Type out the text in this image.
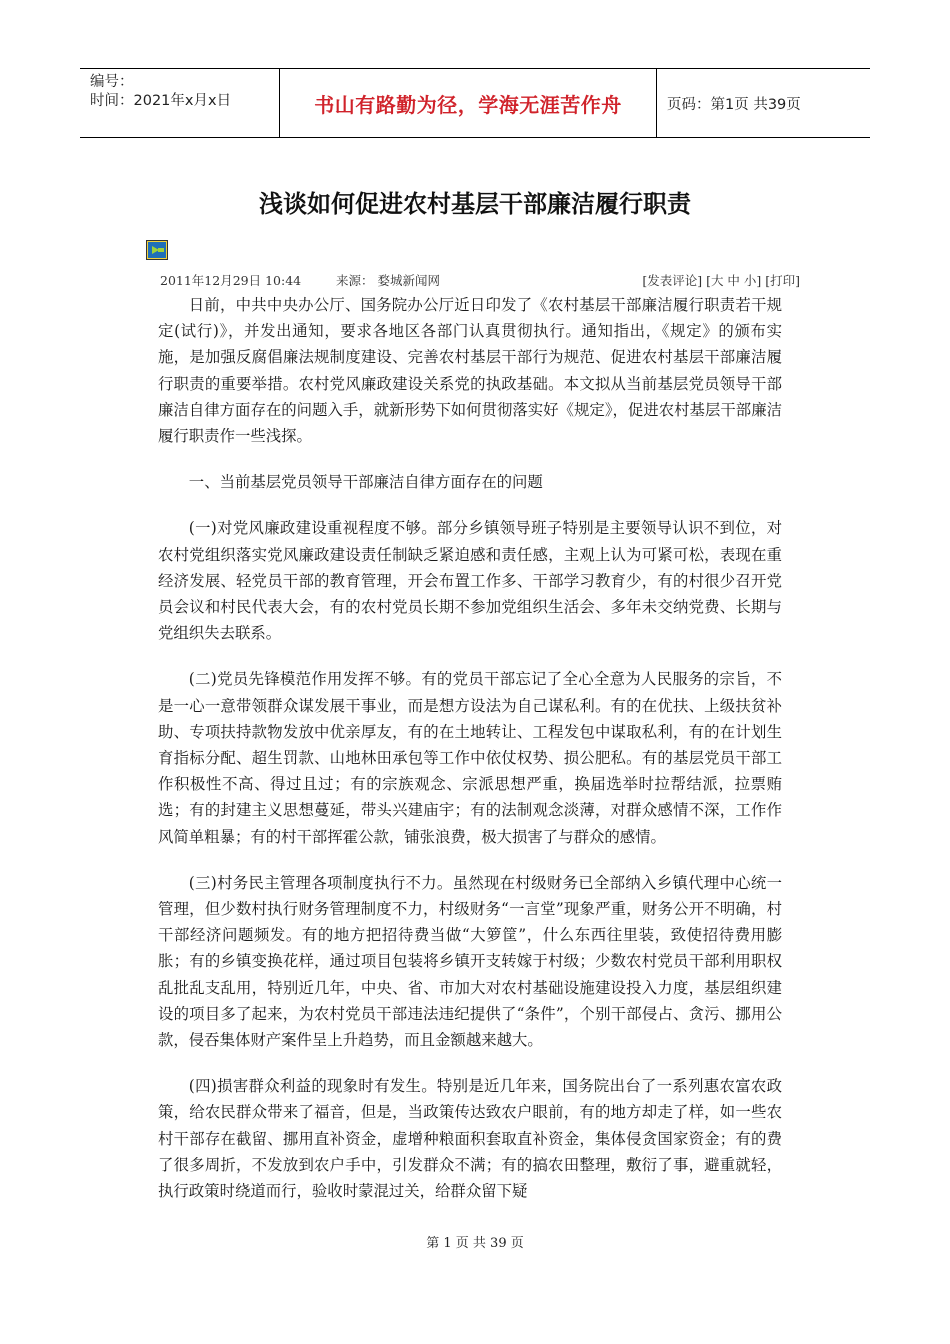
编号：
时间：2021年x月x日	书山有路勤为径，学海无涯苦作舟	页码：第1页 共39页
浅谈如何促进农村基层干部廉洁履行职责
2011年12月29日 10:44	来源： 婺城新闻网	[发表评论] [大 中 小] [打印]

日前，中共中央办公厅、国务院办公厅近日印发了《农村基层干部廉洁履行职责若干规定(试行)》，并发出通知，要求各地区各部门认真贯彻执行。通知指出，《规定》的颁布实施，是加强反腐倡廉法规制度建设、完善农村基层干部行为规范、促进农村基层干部廉洁履行职责的重要举措。农村党风廉政建设关系党的执政基础。本文拟从当前基层党员领导干部廉洁自律方面存在的问题入手，就新形势下如何贯彻落实好《规定》，促进农村基层干部廉洁履行职责作一些浅探。

一、当前基层党员领导干部廉洁自律方面存在的问题

(一)对党风廉政建设重视程度不够。部分乡镇领导班子特别是主要领导认识不到位，对农村党组织落实党风廉政建设责任制缺乏紧迫感和责任感，主观上认为可紧可松，表现在重经济发展、轻党员干部的教育管理，开会布置工作多、干部学习教育少，有的村很少召开党员会议和村民代表大会，有的农村党员长期不参加党组织生活会、多年未交纳党费、长期与党组织失去联系。

(二)党员先锋模范作用发挥不够。有的党员干部忘记了全心全意为人民服务的宗旨，不是一心一意带领群众谋发展干事业，而是想方设法为自己谋私利。有的在优扶、上级扶贫补助、专项扶持款物发放中优亲厚友，有的在土地转让、工程发包中谋取私利，有的在计划生育指标分配、超生罚款、山地林田承包等工作中依仗权势、损公肥私。有的基层党员干部工作积极性不高、得过且过；有的宗族观念、宗派思想严重，换届选举时拉帮结派，拉票贿选；有的封建主义思想蔓延，带头兴建庙宇；有的法制观念淡薄，对群众感情不深，工作作风简单粗暴；有的村干部挥霍公款，铺张浪费，极大损害了与群众的感情。

(三)村务民主管理各项制度执行不力。虽然现在村级财务已全部纳入乡镇代理中心统一管理，但少数村执行财务管理制度不力，村级财务“一言堂”现象严重，财务公开不明确，村干部经济问题频发。有的地方把招待费当做“大箩筐”，什么东西往里装，致使招待费用膨胀；有的乡镇变换花样，通过项目包装将乡镇开支转嫁于村级；少数农村党员干部利用职权乱批乱支乱用，特别近几年，中央、省、市加大对农村基础设施建设投入力度，基层组织建设的项目多了起来，为农村党员干部违法违纪提供了“条件”，个别干部侵占、贪污、挪用公款，侵吞集体财产案件呈上升趋势，而且金额越来越大。

(四)损害群众利益的现象时有发生。特别是近几年来，国务院出台了一系列惠农富农政策，给农民群众带来了福音，但是，当政策传达致农户眼前，有的地方却走了样，如一些农村干部存在截留、挪用直补资金，虚增种粮面积套取直补资金，集体侵贪国家资金；有的费了很多周折，不发放到农户手中，引发群众不满；有的搞农田整理，敷衍了事，避重就轻，执行政策时绕道而行，验收时蒙混过关，给群众留下疑

第 1 页 共 39 页
